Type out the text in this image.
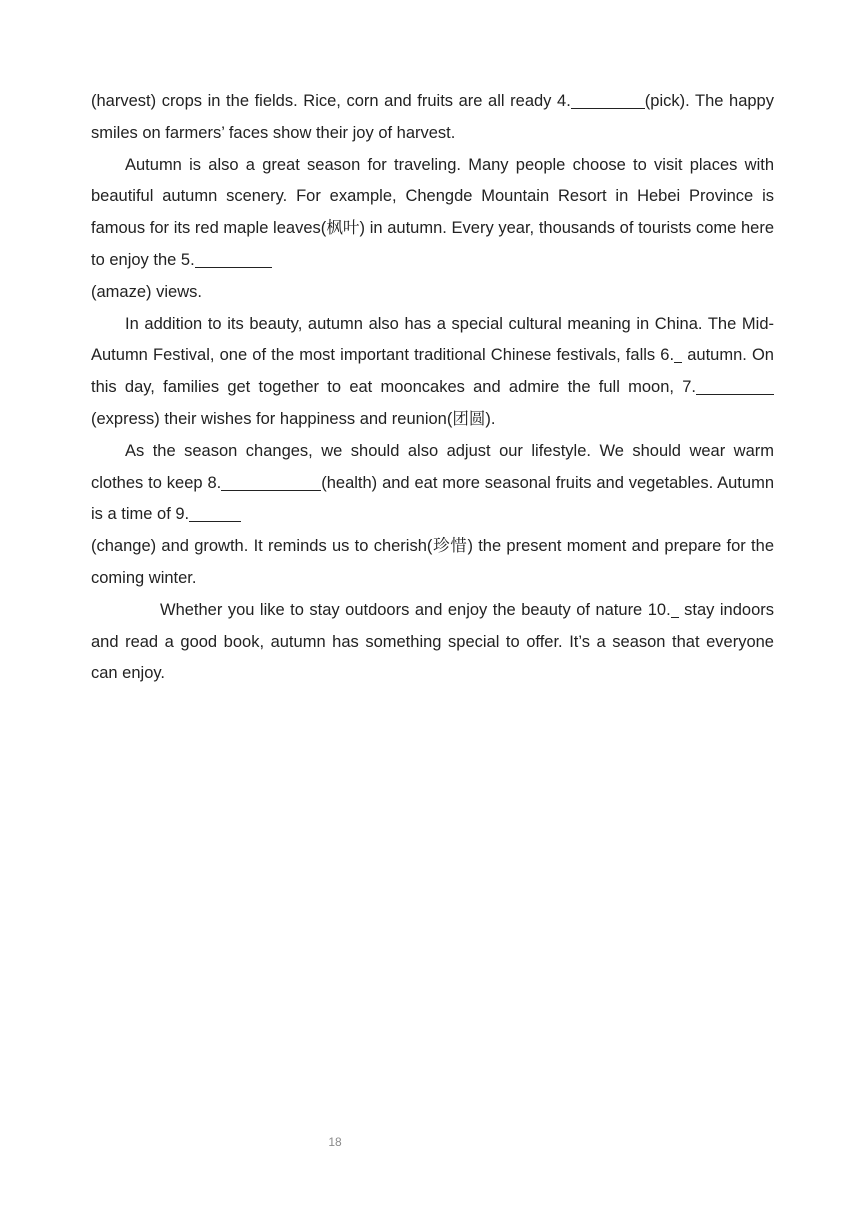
(harvest) crops in the fields. Rice, corn and fruits are all ready 4.	(pick). The happy smiles on farmers’ faces show their joy of harvest.

Autumn is also a great season for traveling. Many people choose to visit places with beautiful autumn scenery. For example, Chengde Mountain Resort in Hebei Province is famous for its red maple leaves(枫叶) in autumn. Every year, thousands of tourists come here to enjoy the 5.
(amaze) views.

In addition to its beauty, autumn also has a special cultural meaning in China. The Mid-Autumn Festival, one of the most important traditional Chinese festivals, falls 6. autumn. On this day, families get together to eat mooncakes and admire the full moon, 7.(express) their wishes for happiness and reunion(团圆).

As the season changes, we should also adjust our lifestyle. We should wear warm clothes to keep 8.	(health) and eat more seasonal fruits and vegetables. Autumn is a time of 9.
(change) and growth. It reminds us to cherish(珍惜) the present moment and prepare for the coming winter.

Whether you like to stay outdoors and enjoy the beauty of nature 10. stay indoors and read a good book, autumn has something special to offer. It’s a season that everyone can enjoy.

18
